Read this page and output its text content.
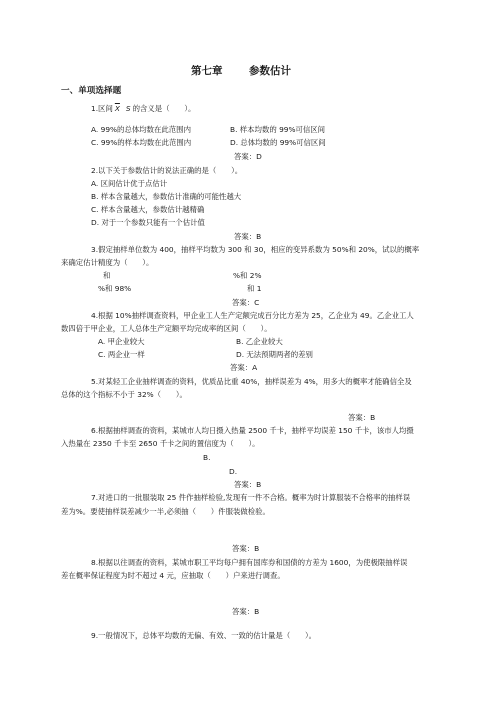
第七章	参数估计
一、单项选择题
1.区间 $\overline{X}$ S 的含义是（　　）。
A. 99%的总体均数在此范围内	B. 样本均数的 99%可信区间
C. 99%的样本均数在此范围内	D. 总体均数的 99%可信区间
答案：D
2.以下关于参数估计的说法正确的是（　　）。
A. 区间估计优于点估计
B. 样本含量越大，参数估计准确的可能性越大
C. 样本含量越大，参数估计越精确
D. 对于一个参数只能有一个估计值
答案：B
3.假定抽样单位数为 400，抽样平均数为 300 和 30，相应的变异系数为 50%和 20%，试以的概率
来确定估计精度为（　　）。
和	%和 2%
%和 98%	和 1
答案：C
4.根据 10%抽样调查资料，甲企业工人生产定额完成百分比方差为 25，乙企业为 49。乙企业工人
数四倍于甲企业，工人总体生产定额平均完成率的区间（　　）。
A. 甲企业较大	B. 乙企业较大
C. 两企业一样	D. 无法预期两者的差别
答案：A
5.对某轻工企业抽样调查的资料，优质品比重 40%，抽样误差为 4%，用多大的概率才能确信全及
总体的这个指标不小于 32%（　　）。
答案：B
6.根据抽样调查的资料，某城市人均日摄入热量 2500 千卡，抽样平均误差 150 千卡，该市人均摄
入热量在 2350 千卡至 2650 千卡之间的置信度为（　　）。
B.
D.
答案：B
7.对进口的一批服装取 25 件作抽样检验,发现有一件不合格。概率为时计算服装不合格率的抽样误
差为%。要使抽样误差减少一半,必须抽（　　）件服装做检验。
答案：B
8.根据以往调查的资料，某城市职工平均每户拥有国库券和国债的方差为 1600，为使极限抽样误
差在概率保证程度为时不超过 4 元，应抽取（　　）户来进行调查。
答案：B
9.一般情况下，总体平均数的无偏、有效、一致的估计量是（　　）。
